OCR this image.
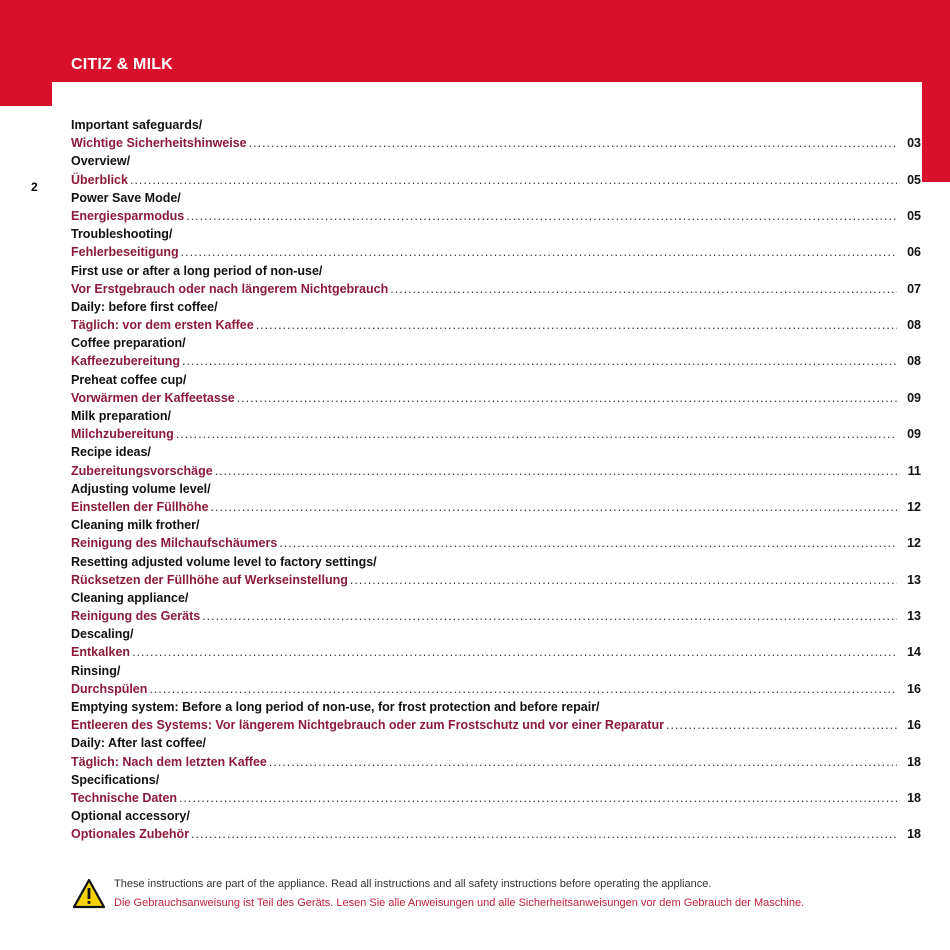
CITIZ & MILK
2
Important safeguards/
Wichtige Sicherheitshinweise .....	03
Overview/
Überblick .....	05
Power Save Mode/
Energiesparmodus .....	05
Troubleshooting/
Fehlerbeseitigung .....	06
First use or after a long period of non-use/
Vor Erstgebrauch oder nach längerem Nichtgebrauch .....	07
Daily: before first coffee/
Täglich: vor dem ersten Kaffee .....	08
Coffee preparation/
Kaffeezubereitung .....	08
Preheat coffee cup/
Vorwärmen der Kaffeetasse .....	09
Milk preparation/
Milchzubereitung .....	09
Recipe ideas/
Zubereitungsvorschäge .....	11
Adjusting volume level/
Einstellen der Füllhöhe .....	12
Cleaning milk frother/
Reinigung des Milchaufschäumers .....	12
Resetting adjusted volume level to factory settings/
Rücksetzen der Füllhöhe auf Werkseinstellung .....	13
Cleaning appliance/
Reinigung des Geräts .....	13
Descaling/
Entkalken .....	14
Rinsing/
Durchspülen .....	16
Emptying system: Before a long period of non-use, for frost protection and before repair/
Entleeren des Systems: Vor längerem Nichtgebrauch oder zum Frostschutz und vor einer Reparatur .....	16
Daily: After last coffee/
Täglich: Nach dem letzten Kaffee .....	18
Specifications/
Technische Daten .....	18
Optional accessory/
Optionales Zubehör .....	18
These instructions are part of the appliance. Read all instructions and all safety instructions before operating the appliance.
Die Gebrauchsanweisung ist Teil des Geräts. Lesen Sie alle Anweisungen und alle Sicherheitsanweisungen vor dem Gebrauch der Maschine.
